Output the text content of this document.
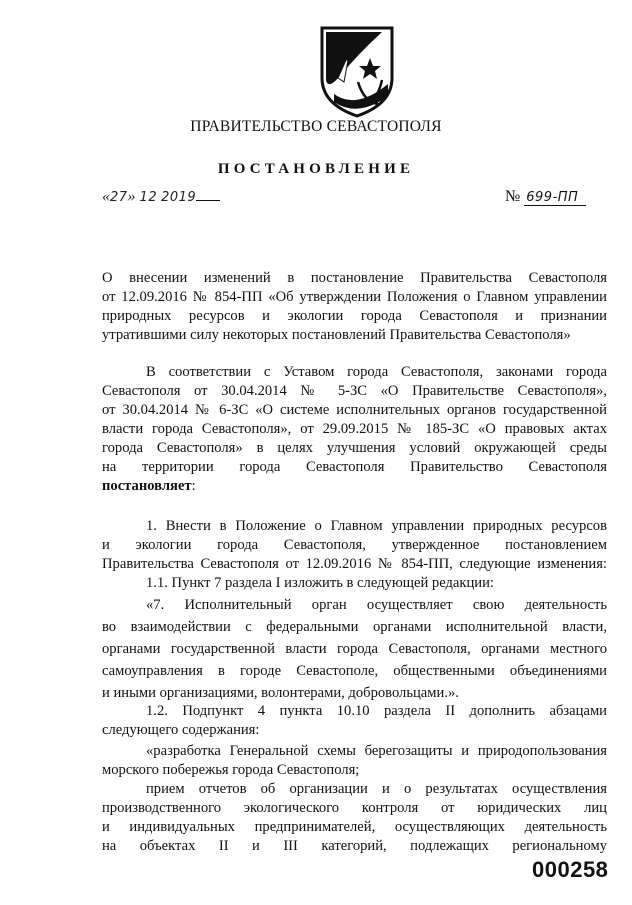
ПРАВИТЕЛЬСТВО СЕВАСТОПОЛЯ
ПОСТАНОВЛЕНИЕ
«27» 12 2019	№ 699-ПП
О внесении изменений в постановление Правительства Севастополя
от 12.09.2016 № 854-ПП «Об утверждении Положения о Главном управлении
природных ресурсов и экологии города Севастополя и признании
утратившими силу некоторых постановлений Правительства Севастополя»
В соответствии с Уставом города Севастополя, законами города
Севастополя от 30.04.2014 № 5-ЗС «О Правительстве Севастополя»,
от 30.04.2014 № 6-ЗС «О системе исполнительных органов государственной
власти города Севастополя», от 29.09.2015 № 185-ЗС «О правовых актах
города Севастополя» в целях улучшения условий окружающей среды
на территории города Севастополя Правительство Севастополя
постановляет:
1. Внести в Положение о Главном управлении природных ресурсов
и экологии города Севастополя, утвержденное постановлением
Правительства Севастополя от 12.09.2016 № 854-ПП, следующие изменения:
1.1. Пункт 7 раздела I изложить в следующей редакции:
«7. Исполнительный орган осуществляет свою деятельность
во взаимодействии с федеральными органами исполнительной власти,
органами государственной власти города Севастополя, органами местного
самоуправления в городе Севастополе, общественными объединениями
и иными организациями, волонтерами, добровольцами.».
1.2. Подпункт 4 пункта 10.10 раздела II дополнить абзацами
следующего содержания:
«разработка Генеральной схемы берегозащиты и природопользования
морского побережья города Севастополя;
прием отчетов об организации и о результатах осуществления
производственного экологического контроля от юридических лиц
и индивидуальных предпринимателей, осуществляющих деятельность
на объектах II и III категорий, подлежащих региональному
000258
